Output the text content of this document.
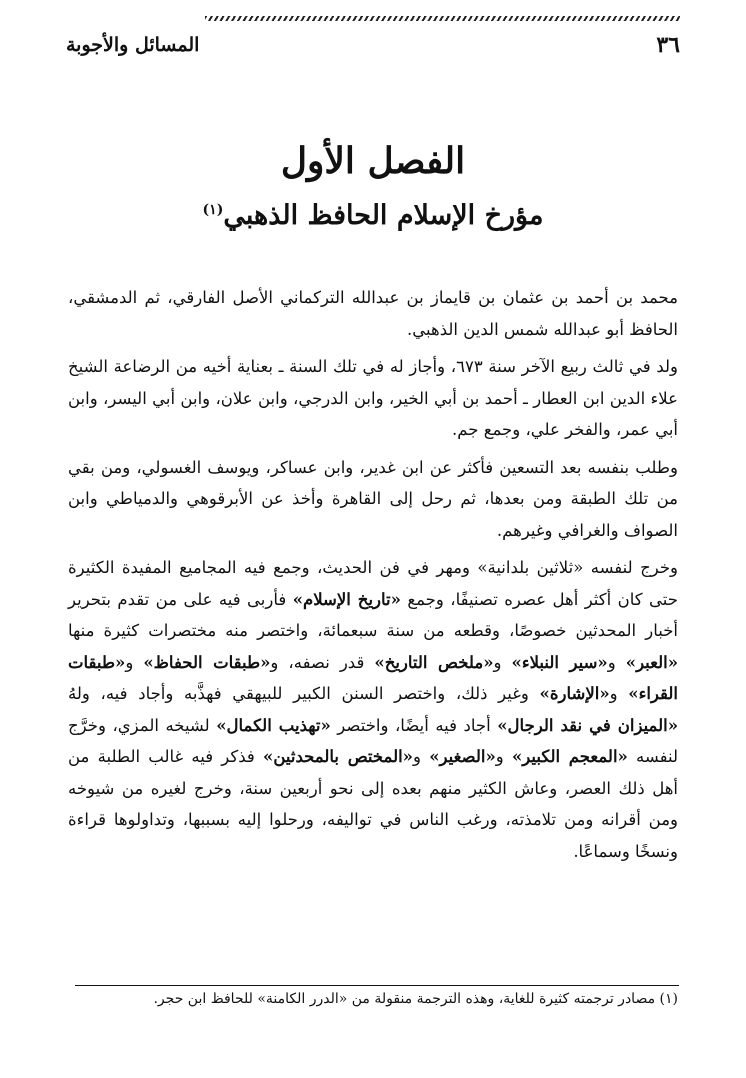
٣٦
المسائل والأجوبة
الفصل الأول
مؤرخ الإسلام الحافظ الذهبي$^{(١)}$

محمد بن أحمد بن عثمان بن قايماز بن عبدالله التركماني الأصل الفارقي، ثم الدمشقي، الحافظ أبو عبدالله شمس الدين الذهبي.

ولد في ثالث ربيع الآخر سنة ٦٧٣، وأجاز له في تلك السنة ـ بعناية أخيه من الرضاعة الشيخ علاء الدين ابن العطار ـ أحمد بن أبي الخير، وابن الدرجي، وابن علان، وابن أبي اليسر، وابن أبي عمر، والفخر علي، وجمع جم.

وطلب بنفسه بعد التسعين فأكثر عن ابن غدير، وابن عساكر، ويوسف الغسولي، ومن بقي من تلك الطبقة ومن بعدها، ثم رحل إلى القاهرة وأخذ عن الأبرقوهي والدمياطي وابن الصواف والغرافي وغيرهم.

وخرج لنفسه «ثلاثين بلدانية» ومهر في فن الحديث، وجمع فيه المجاميع المفيدة الكثيرة حتى كان أكثر أهل عصره تصنيفًا، وجمع «تاريخ الإسلام» فأربى فيه على من تقدم بتحرير أخبار المحدثين خصوصًا، وقطعه من سنة سبعمائة، واختصر منه مختصرات كثيرة منها «العبر» و«سير النبلاء» و«ملخص التاريخ» قدر نصفه، و«طبقات الحفاظ» و«طبقات القراء» و«الإشارة» وغير ذلك، واختصر السنن الكبير للبيهقي فهذَّبه وأجاد فيه، ولهُ «الميزان في نقد الرجال» أجاد فيه أيضًا، واختصر «تهذيب الكمال» لشيخه المزي، وخرَّج لنفسه «المعجم الكبير» و«الصغير» و«المختص بالمحدثين» فذكر فيه غالب الطلبة من أهل ذلك العصر، وعاش الكثير منهم بعده إلى نحو أربعين سنة، وخرج لغيره من شيوخه ومن أقرانه ومن تلامذته، ورغب الناس في تواليفه، ورحلوا إليه بسببها، وتداولوها قراءة ونسخًا وسماعًا.

(١) مصادر ترجمته كثيرة للغاية، وهذه الترجمة منقولة من «الدرر الكامنة» للحافظ ابن حجر.
